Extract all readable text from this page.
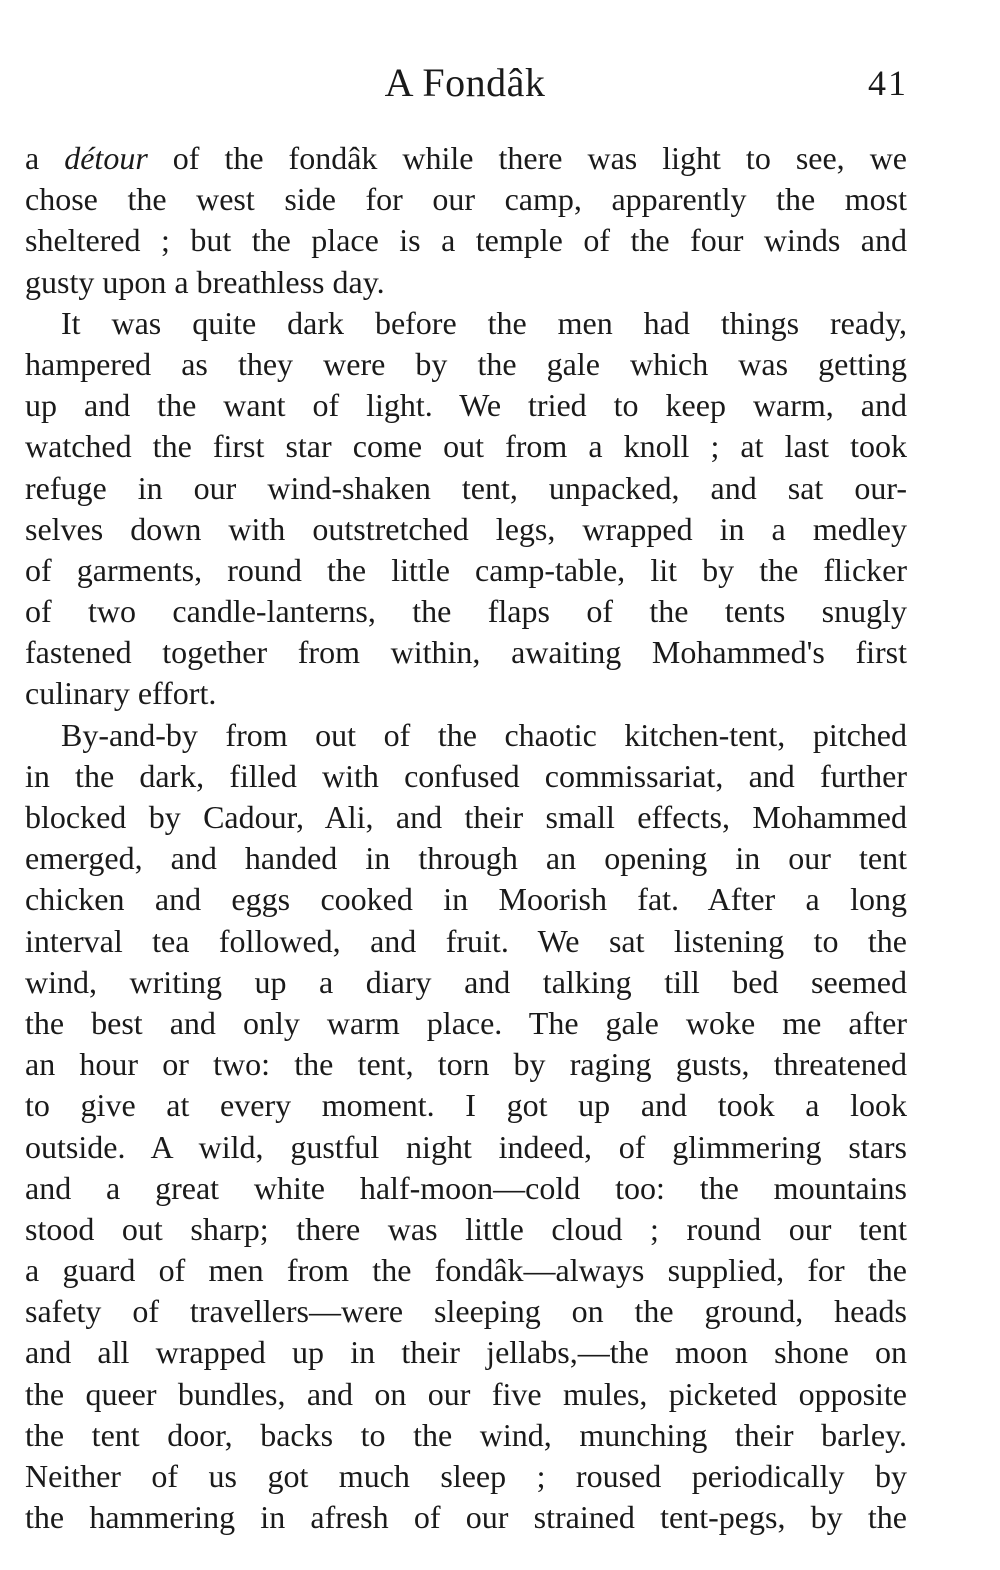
A Fondâk	41
a détour of the fondâk while there was light to see, we
chose the west side for our camp, apparently the most
sheltered ; but the place is a temple of the four winds and
gusty upon a breathless day.
It was quite dark before the men had things ready,
hampered as they were by the gale which was getting
up and the want of light. We tried to keep warm, and
watched the first star come out from a knoll ; at last took
refuge in our wind-shaken tent, unpacked, and sat our-
selves down with outstretched legs, wrapped in a medley
of garments, round the little camp-table, lit by the flicker
of two candle-lanterns, the flaps of the tents snugly
fastened together from within, awaiting Mohammed's first
culinary effort.
By-and-by from out of the chaotic kitchen-tent, pitched
in the dark, filled with confused commissariat, and further
blocked by Cadour, Ali, and their small effects, Mohammed
emerged, and handed in through an opening in our tent
chicken and eggs cooked in Moorish fat. After a long
interval tea followed, and fruit. We sat listening to the
wind, writing up a diary and talking till bed seemed
the best and only warm place. The gale woke me after
an hour or two: the tent, torn by raging gusts, threatened
to give at every moment. I got up and took a look
outside. A wild, gustful night indeed, of glimmering stars
and a great white half-moon—cold too: the mountains
stood out sharp; there was little cloud ; round our tent
a guard of men from the fondâk—always supplied, for the
safety of travellers—were sleeping on the ground, heads
and all wrapped up in their jellabs,—the moon shone on
the queer bundles, and on our five mules, picketed opposite
the tent door, backs to the wind, munching their barley.
Neither of us got much sleep ; roused periodically by
the hammering in afresh of our strained tent-pegs, by the
